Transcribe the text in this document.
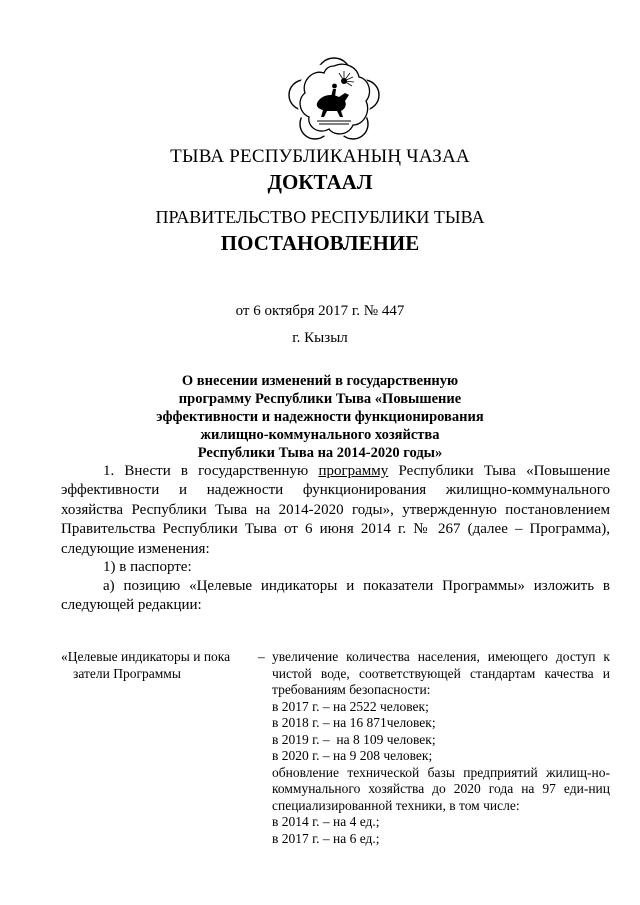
ТЫВА РЕСПУБЛИКАНЫҢ ЧАЗАА
ДОКТААЛ
ПРАВИТЕЛЬСТВО РЕСПУБЛИКИ ТЫВА
ПОСТАНОВЛЕНИЕ
от 6 октября 2017 г. № 447
г. Кызыл
О внесении изменений в государственную
программу Республики Тыва «Повышение
эффективности и надежности функционирования
жилищно-коммунального хозяйства
Республики Тыва на 2014-2020 годы»
1. Внести в государственную программу Республики Тыва «Повышение эффективности и надежности функционирования жилищно-коммунального хозяйства Республики Тыва на 2014-2020 годы», утвержденную постановлением Правительства Республики Тыва от 6 июня 2014 г. № 267 (далее – Программа), следующие изменения:
1) в паспорте:
а) позицию «Целевые индикаторы и показатели Программы» изложить в следующей редакции:
«Целевые индикаторы и пока
затели Программы
– увеличение количества населения, имеющего доступ к чистой воде, соответствующей стандартам качества и требованиям безопасности:
в 2017 г. – на 2522 человек;
в 2018 г. – на 16 871человек;
в 2019 г. –  на 8 109 человек;
в 2020 г. – на 9 208 человек;
обновление технической базы предприятий жилищ-но-коммунального хозяйства до 2020 года на 97 еди-ниц специализированной техники, в том числе:
в 2014 г. – на 4 ед.;
в 2017 г. – на 6 ед.;
